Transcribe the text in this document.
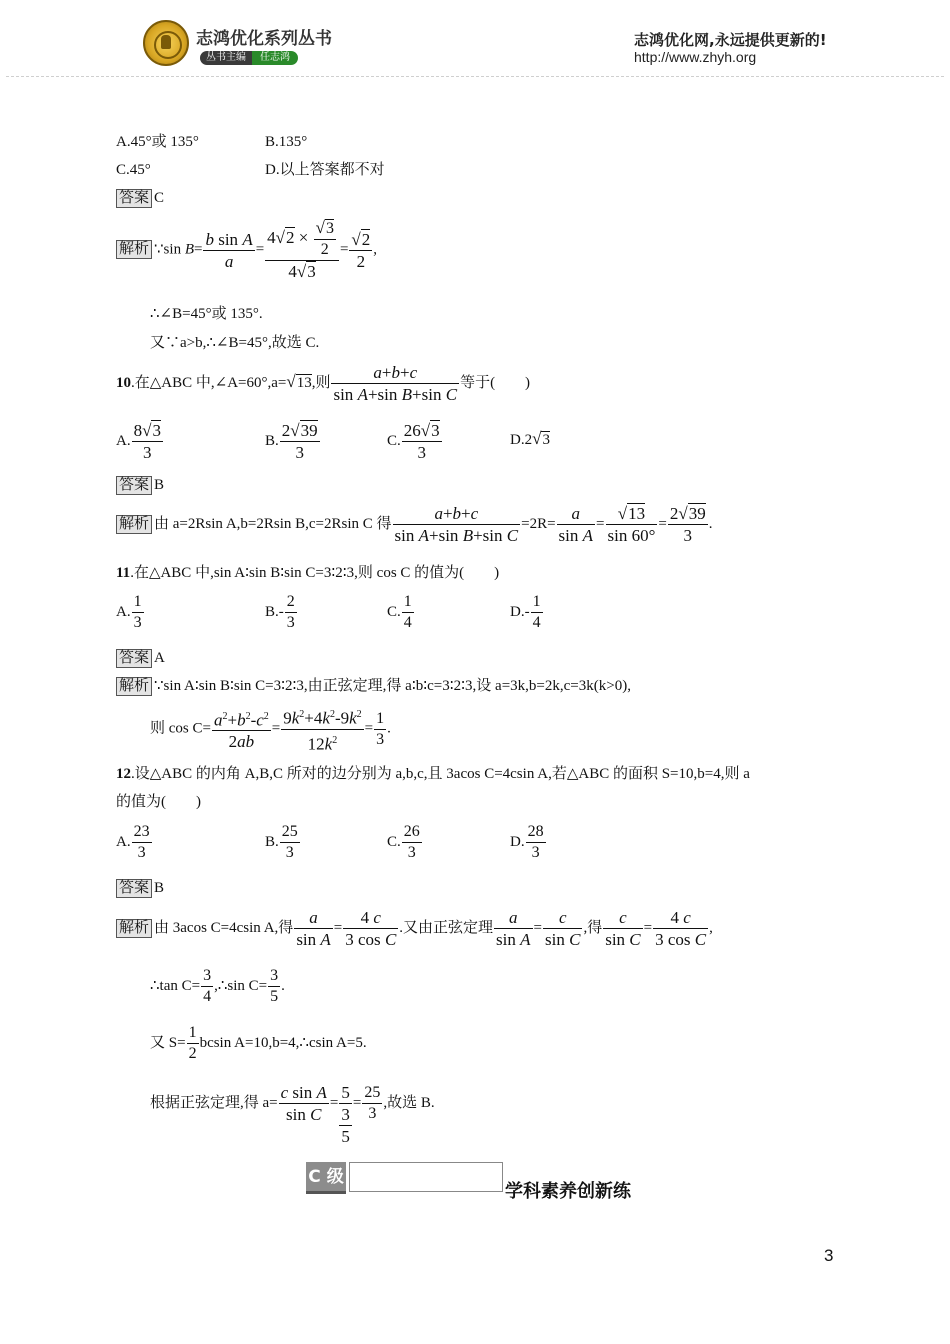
志鸿优化系列丛书
丛书主编 任志鸿
志鸿优化网,永远提供更新的!
http://www.zhyh.org
A.45°或 135°	B.135°
C.45°	D.以上答案都不对
答案 C
解析 ∵sin $B= \frac{\text{b sin A}}{a} = \frac{4√2 \times \frac{√3}{2}}{4√3} = \frac{√2}{2}$ ,
∴∠B=45°或 135°.
又∵a>b,∴∠B=45°,故选 C.
10.在△ABC 中,∠A=60°,a=√13,则 $\frac{a+b+c}{\text{sin A+sin B+sin C}}$ 等于(　　)
A. $\frac{8√3}{3}$	B. $\frac{2√39}{3}$	C. $\frac{26√3}{3}$	D.2√3
答案 B
解析 由 a=2Rsin A,b=2Rsin B,c=2Rsin C 得 $\frac{a+b+c}{\text{sin A+sin B+sin C}} =2R= \frac{a}{\text{sin A}} = \frac{√13}{\sin 60^\circ} = \frac{2√39}{3}$ .
11.在△ABC 中,sin A∶sin B∶sin C=3∶2∶3,则 cos C 的值为(　　)
A. $\frac{1}{3}$	$B.- \frac{2}{3}$	C. $\frac{1}{4}$	$D.- \frac{1}{4}$
答案 A
解析 ∵sin A∶sin B∶sin C=3∶2∶3,由正弦定理,得 a∶b∶c=3∶2∶3,设 a=3k,b=2k,c=3k(k>0),
则 $\cos C= \frac{a^2+b^2-c^2}{2ab} = \frac{9k^2+4k^2-9k^2}{12k^2} = \frac{1}{3}$ .
12.设△ABC 的内角 A,B,C 所对的边分别为 a,b,c,且 3acos C=4csin A,若△ABC 的面积 S=10,b=4,则 a
的值为(　　)
A. $\frac{23}{3}$	B. $\frac{25}{3}$	C. $\frac{26}{3}$	D. $\frac{28}{3}$
答案 B
解析 由 3acos C=4csin A,得 $\frac{a}{\text{sin A}} = \frac{4 c}{\text{3 cos C}}$ .又由正弦定理 $\frac{a}{\text{sin A}} = \frac{c}{\text{sin C}}$ ,得 $\frac{c}{\text{sin C}} = \frac{4 c}{\text{3 cos C}}$ ,
∴tan $C= \frac{3}{4}$ ,∴sin $C= \frac{3}{5}$ .
又 $S= \frac{1}{2}$ bcsin A=10,b=4,∴csin A=5.
根据正弦定理,得 $a= \frac{\text{c sin A}}{\text{sin C}}$ =
5
3
5
= $\frac{25}{3}$ ,故选 B.
C 级
学科素养创新练
3
